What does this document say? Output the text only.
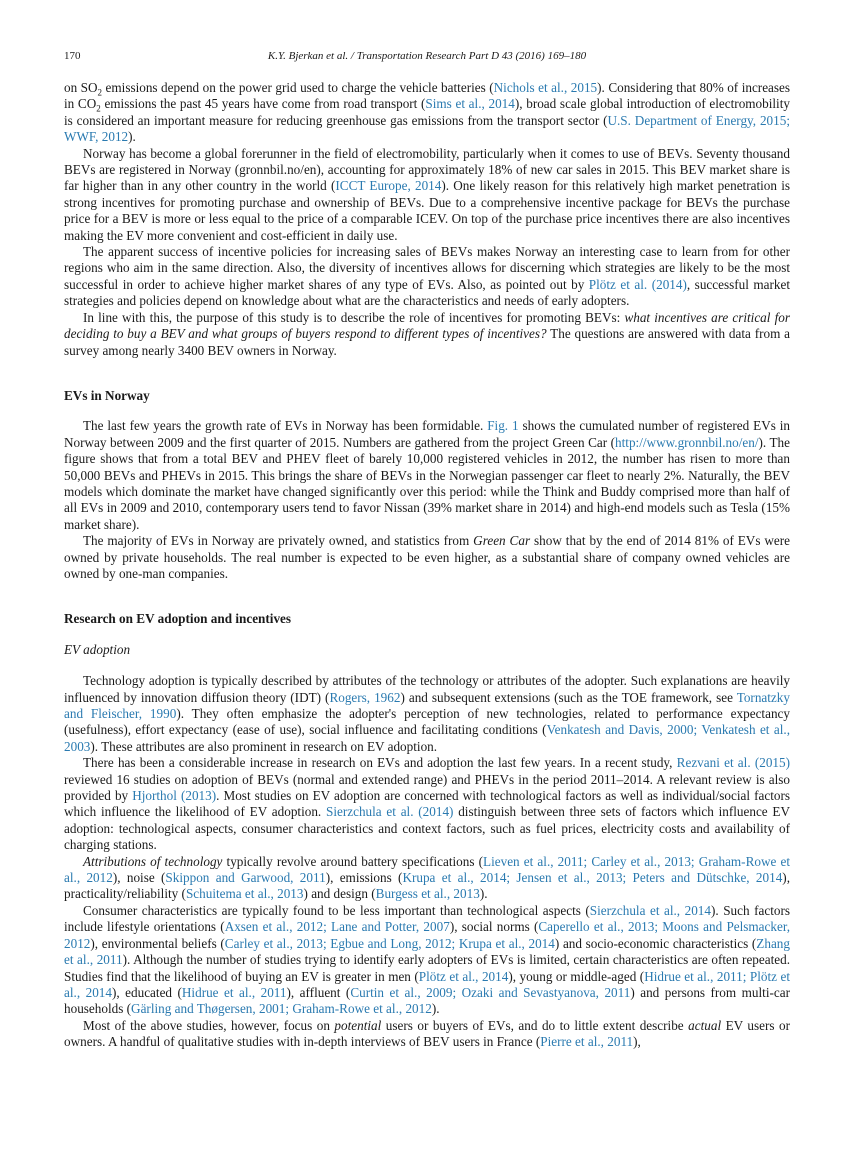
170	K.Y. Bjerkan et al. / Transportation Research Part D 43 (2016) 169–180

on $SO_2$ emissions depend on the power grid used to charge the vehicle batteries (Nichols et al., 2015). Considering that 80% of increases in $CO_2$ emissions the past 45 years have come from road transport (Sims et al., 2014), broad scale global introduction of electromobility is considered an important measure for reducing greenhouse gas emissions from the transport sector (U.S. Department of Energy, 2015; WWF, 2012).

Norway has become a global forerunner in the field of electromobility, particularly when it comes to use of BEVs. Seventy thousand BEVs are registered in Norway (gronnbil.no/en), accounting for approximately 18% of new car sales in 2015. This BEV market share is far higher than in any other country in the world (ICCT Europe, 2014). One likely reason for this relatively high market penetration is strong incentives for promoting purchase and ownership of BEVs. Due to a comprehensive incentive package for BEVs the purchase price for a BEV is more or less equal to the price of a comparable ICEV. On top of the purchase price incentives there are also incentives making the EV more convenient and cost-efficient in daily use.

The apparent success of incentive policies for increasing sales of BEVs makes Norway an interesting case to learn from for other regions who aim in the same direction. Also, the diversity of incentives allows for discerning which strategies are likely to be the most successful in order to achieve higher market shares of any type of EVs. Also, as pointed out by Plötz et al. (2014), successful market strategies and policies depend on knowledge about what are the characteristics and needs of early adopters.

In line with this, the purpose of this study is to describe the role of incentives for promoting BEVs: what incentives are critical for deciding to buy a BEV and what groups of buyers respond to different types of incentives? The questions are answered with data from a survey among nearly 3400 BEV owners in Norway.

EVs in Norway

The last few years the growth rate of EVs in Norway has been formidable. Fig. 1 shows the cumulated number of registered EVs in Norway between 2009 and the first quarter of 2015. Numbers are gathered from the project Green Car (http://www.gronnbil.no/en/). The figure shows that from a total BEV and PHEV fleet of barely 10,000 registered vehicles in 2012, the number has risen to more than 50,000 BEVs and PHEVs in 2015. This brings the share of BEVs in the Norwegian passenger car fleet to nearly 2%. Naturally, the BEV models which dominate the market have changed significantly over this period: while the Think and Buddy comprised more than half of all EVs in 2009 and 2010, contemporary users tend to favor Nissan (39% market share in 2014) and high-end models such as Tesla (15% market share).

The majority of EVs in Norway are privately owned, and statistics from Green Car show that by the end of 2014 81% of EVs were owned by private households. The real number is expected to be even higher, as a substantial share of company owned vehicles are owned by one-man companies.

Research on EV adoption and incentives
EV adoption

Technology adoption is typically described by attributes of the technology or attributes of the adopter. Such explanations are heavily influenced by innovation diffusion theory (IDT) (Rogers, 1962) and subsequent extensions (such as the TOE framework, see Tornatzky and Fleischer, 1990). They often emphasize the adopter's perception of new technologies, related to performance expectancy (usefulness), effort expectancy (ease of use), social influence and facilitating conditions (Venkatesh and Davis, 2000; Venkatesh et al., 2003). These attributes are also prominent in research on EV adoption.

There has been a considerable increase in research on EVs and adoption the last few years. In a recent study, Rezvani et al. (2015) reviewed 16 studies on adoption of BEVs (normal and extended range) and PHEVs in the period 2011–2014. A relevant review is also provided by Hjorthol (2013). Most studies on EV adoption are concerned with technological factors as well as individual/social factors which influence the likelihood of EV adoption. Sierzchula et al. (2014) distinguish between three sets of factors which influence EV adoption: technological aspects, consumer characteristics and context factors, such as fuel prices, electricity costs and availability of charging stations.

Attributions of technology typically revolve around battery specifications (Lieven et al., 2011; Carley et al., 2013; Graham-Rowe et al., 2012), noise (Skippon and Garwood, 2011), emissions (Krupa et al., 2014; Jensen et al., 2013; Peters and Dütschke, 2014), practicality/reliability (Schuitema et al., 2013) and design (Burgess et al., 2013).

Consumer characteristics are typically found to be less important than technological aspects (Sierzchula et al., 2014). Such factors include lifestyle orientations (Axsen et al., 2012; Lane and Potter, 2007), social norms (Caperello et al., 2013; Moons and Pelsmacker, 2012), environmental beliefs (Carley et al., 2013; Egbue and Long, 2012; Krupa et al., 2014) and socio-economic characteristics (Zhang et al., 2011). Although the number of studies trying to identify early adopters of EVs is limited, certain characteristics are often repeated. Studies find that the likelihood of buying an EV is greater in men (Plötz et al., 2014), young or middle-aged (Hidrue et al., 2011; Plötz et al., 2014), educated (Hidrue et al., 2011), affluent (Curtin et al., 2009; Ozaki and Sevastyanova, 2011) and persons from multi-car households (Gärling and Thøgersen, 2001; Graham-Rowe et al., 2012).

Most of the above studies, however, focus on potential users or buyers of EVs, and do to little extent describe actual EV users or owners. A handful of qualitative studies with in-depth interviews of BEV users in France (Pierre et al., 2011),
